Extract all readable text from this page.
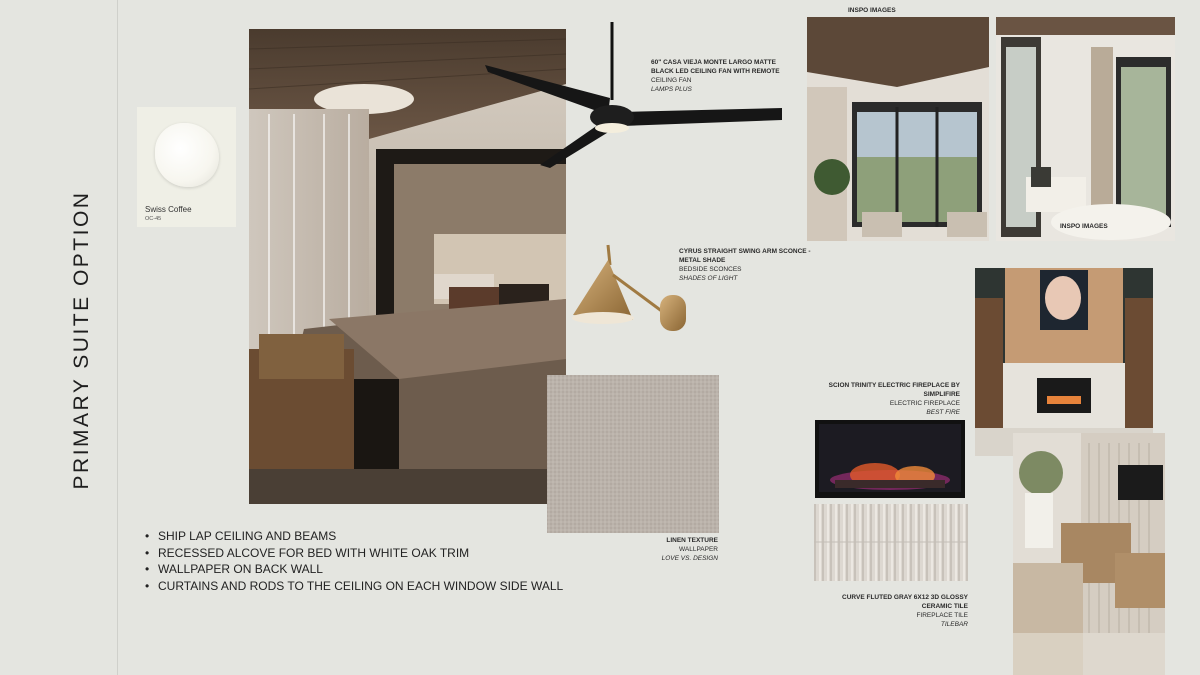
PRIMARY SUITE OPTION	Swiss Coffee
OC-45
60" CASA VIEJA MONTE LARGO MATTE BLACK LED CEILING FAN WITH REMOTE
CEILING FAN
LAMPS PLUS
INSPO IMAGES
INSPO IMAGES
CYRUS STRAIGHT SWING ARM SCONCE - METAL SHADE
BEDSIDE SCONCES
SHADES OF LIGHT
LINEN TEXTURE
WALLPAPER
LOVE VS. DESIGN
SCION TRINITY ELECTRIC FIREPLACE BY SIMPLIFIRE
ELECTRIC FIREPLACE
BEST FIRE
CURVE FLUTED GRAY 6X12 3D GLOSSY CERAMIC TILE
FIREPLACE TILE
TILEBAR
• SHIP LAP CEILING AND BEAMS
• RECESSED ALCOVE FOR BED WITH WHITE OAK TRIM
• WALLPAPER ON BACK WALL
• CURTAINS AND RODS TO THE CEILING ON EACH WINDOW SIDE WALL
